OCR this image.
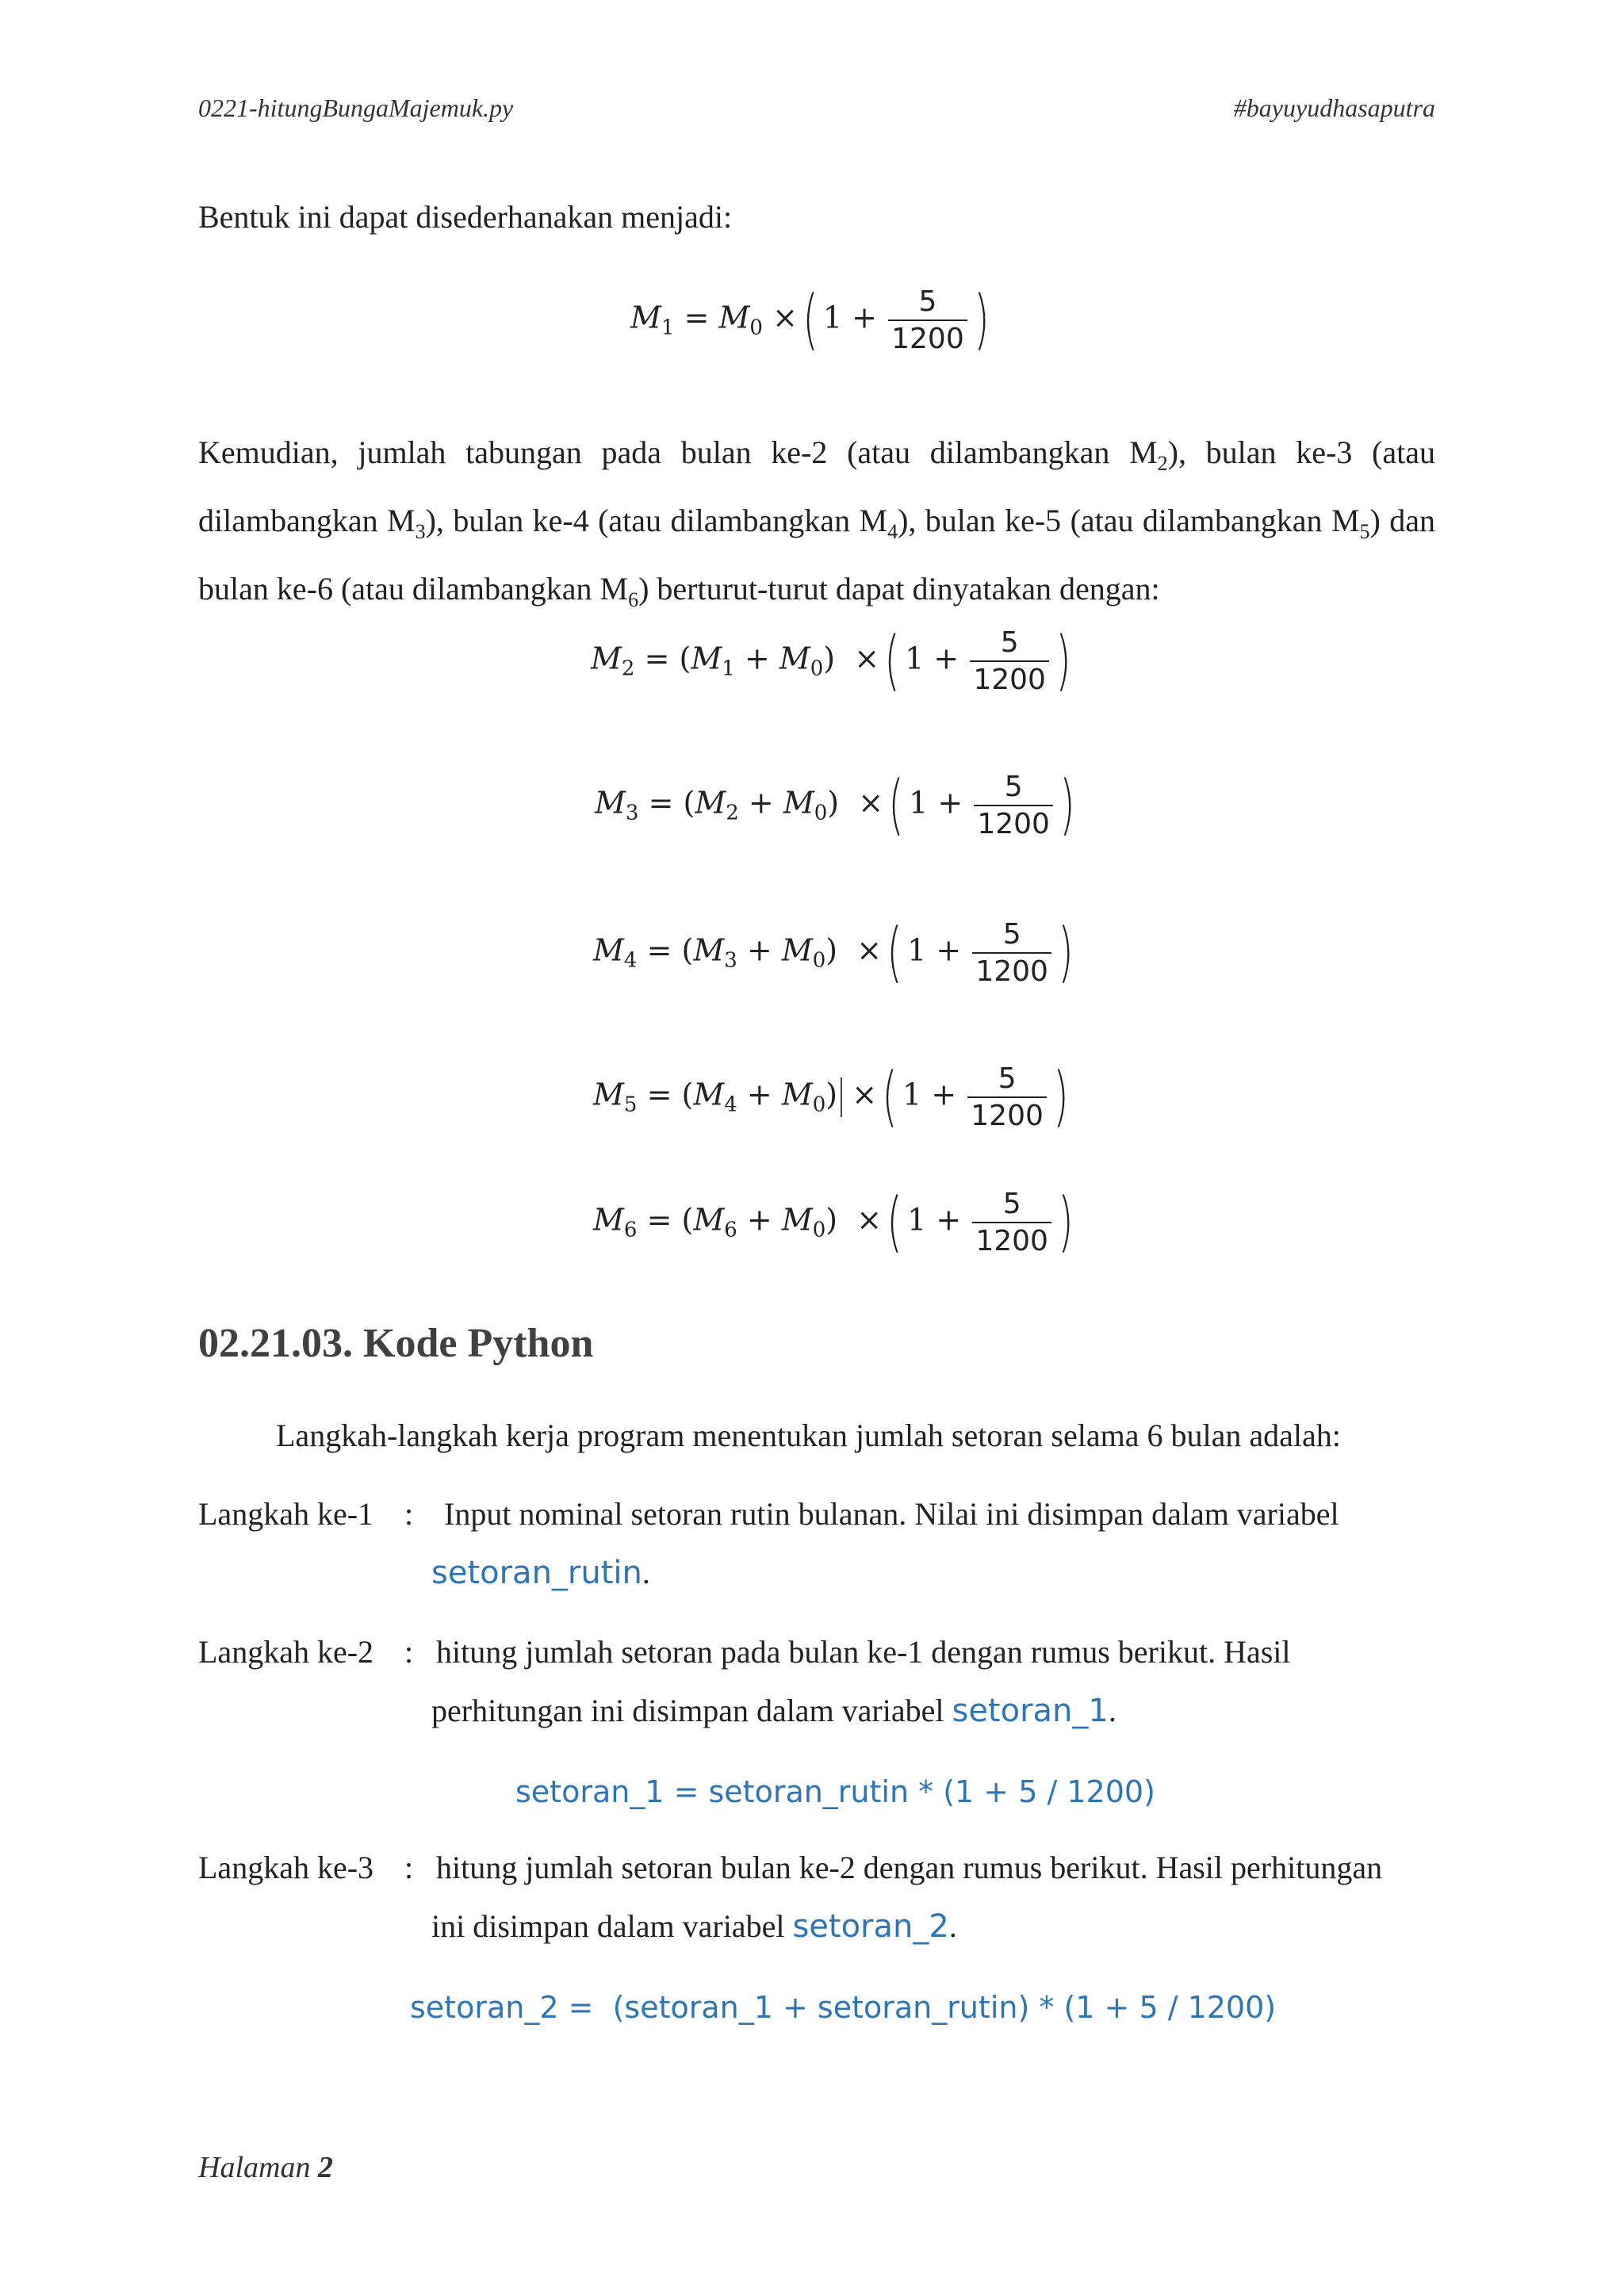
0221-hitungBungaMajemuk.py	#bayuyudhasaputra
Bentuk ini dapat disederhanakan menjadi:
$M_1 = M_0$ ×( $1 + \frac{5}{1200}$ )
Kemudian, jumlah tabungan pada bulan ke-2 (atau dilambangkan $M_2$), bulan ke-3 (atau dilambangkan $M_3$), bulan ke-4 (atau dilambangkan $M_4$), bulan ke-5 (atau dilambangkan $M_5$) dan bulan ke-6 (atau dilambangkan $M_6$) berturut-turut dapat dinyatakan dengan:
$M_2 = (M_1 + M_0)$ ×( $1 + \frac{5}{1200}$ )
$M_3 = (M_2 + M_0)$ ×( $1 + \frac{5}{1200}$ )
$M_4 = (M_3 + M_0)$ ×( $1 + \frac{5}{1200}$ )
$M_5 = (M_4 + M_0)$ ×( $1 + \frac{5}{1200}$ )
$M_6 = (M_6 + M_0)$ ×( $1 + \frac{5}{1200}$ )
02.21.03. Kode Python
Langkah-langkah kerja program menentukan jumlah setoran selama 6 bulan adalah:
Langkah ke-1 : Input nominal setoran rutin bulanan. Nilai ini disimpan dalam variabel
setoran_rutin.
Langkah ke-2 : hitung jumlah setoran pada bulan ke-1 dengan rumus berikut. Hasil
perhitungan ini disimpan dalam variabel setoran_1.
setoran_1 = setoran_rutin * (1 + 5 / 1200)
Langkah ke-3 : hitung jumlah setoran bulan ke-2 dengan rumus berikut. Hasil perhitungan
ini disimpan dalam variabel setoran_2.
setoran_2 =  (setoran_1 + setoran_rutin) * (1 + 5 / 1200)
Halaman 2
